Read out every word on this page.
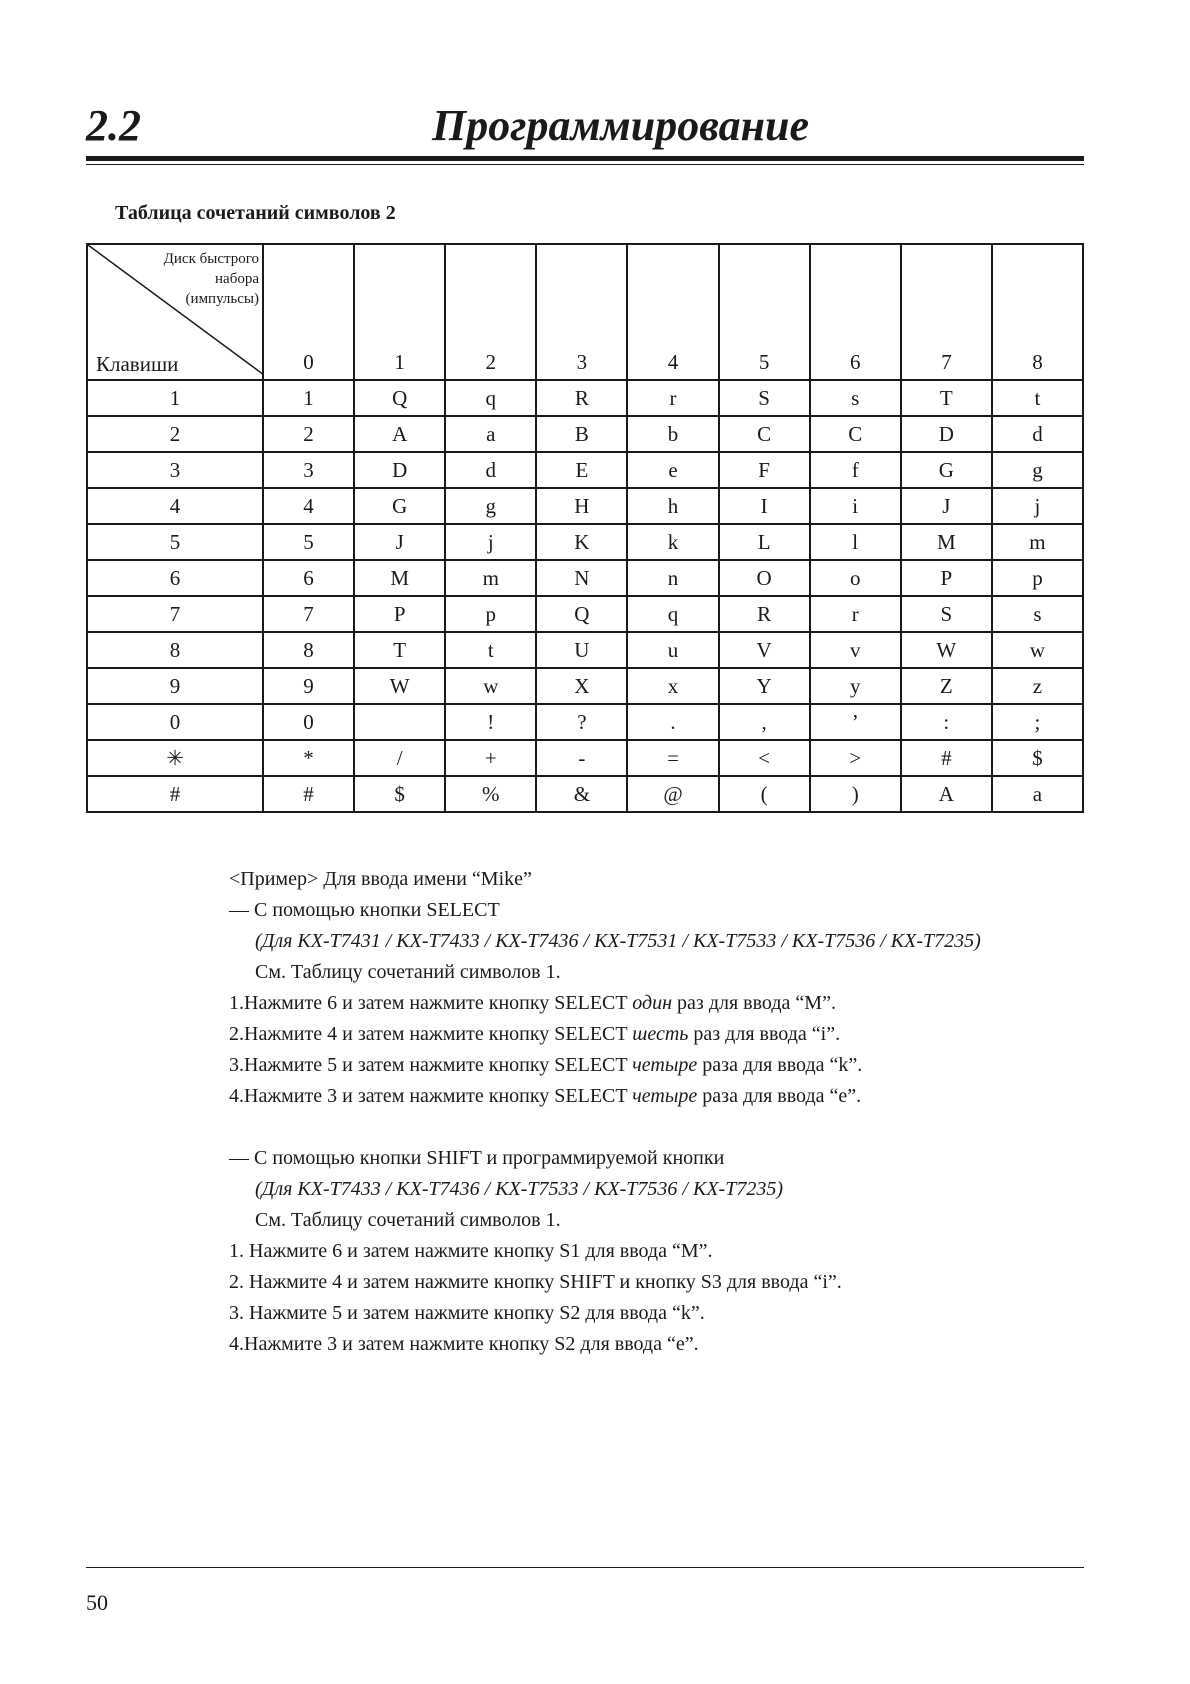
2.2	Программирование
Таблица сочетаний символов 2
Диск быстрого
набора
(импульсы)
Клавиши	0	1	2	3	4	5	6	7	8
1	1	Q	q	R	r	S	s	T	t
2	2	A	a	B	b	C	C	D	d
3	3	D	d	E	e	F	f	G	g
4	4	G	g	H	h	I	i	J	j
5	5	J	j	K	k	L	l	M	m
6	6	M	m	N	n	O	o	P	p
7	7	P	p	Q	q	R	r	S	s
8	8	T	t	U	u	V	v	W	w
9	9	W	w	X	x	Y	y	Z	z
0	0		!	?	.	,	’	:	;
✳	*	/	+	-	=	<	>	#	$
#	#	$	%	&	@	(	)	A	a
<Пример> Для ввода имени “Mike”
— С помощью кнопки SELECT
(Для KX-T7431 / KX-T7433 / KX-T7436 / KX-T7531 / KX-T7533 / KX-T7536 / KX-T7235)
См. Таблицу сочетаний символов 1.
1.Нажмите 6 и затем нажмите кнопку SELECT один раз для ввода “M”.
2.Нажмите 4 и затем нажмите кнопку SELECT шесть раз для ввода “i”.
3.Нажмите 5 и затем нажмите кнопку SELECT четыре раза для ввода “k”.
4.Нажмите 3 и затем нажмите кнопку SELECT четыре раза для ввода “e”.
— С помощью кнопки SHIFT и программируемой кнопки
(Для KX-T7433 / KX-T7436 / KX-T7533 / KX-T7536 / KX-T7235)
См. Таблицу сочетаний символов 1.
1. Нажмите 6 и затем нажмите кнопку S1 для ввода “M”.
2. Нажмите 4 и затем нажмите кнопку SHIFT и кнопку S3 для ввода “i”.
3. Нажмите 5 и затем нажмите кнопку S2 для ввода “k”.
4.Нажмите 3 и затем нажмите кнопку S2 для ввода “e”.
50
